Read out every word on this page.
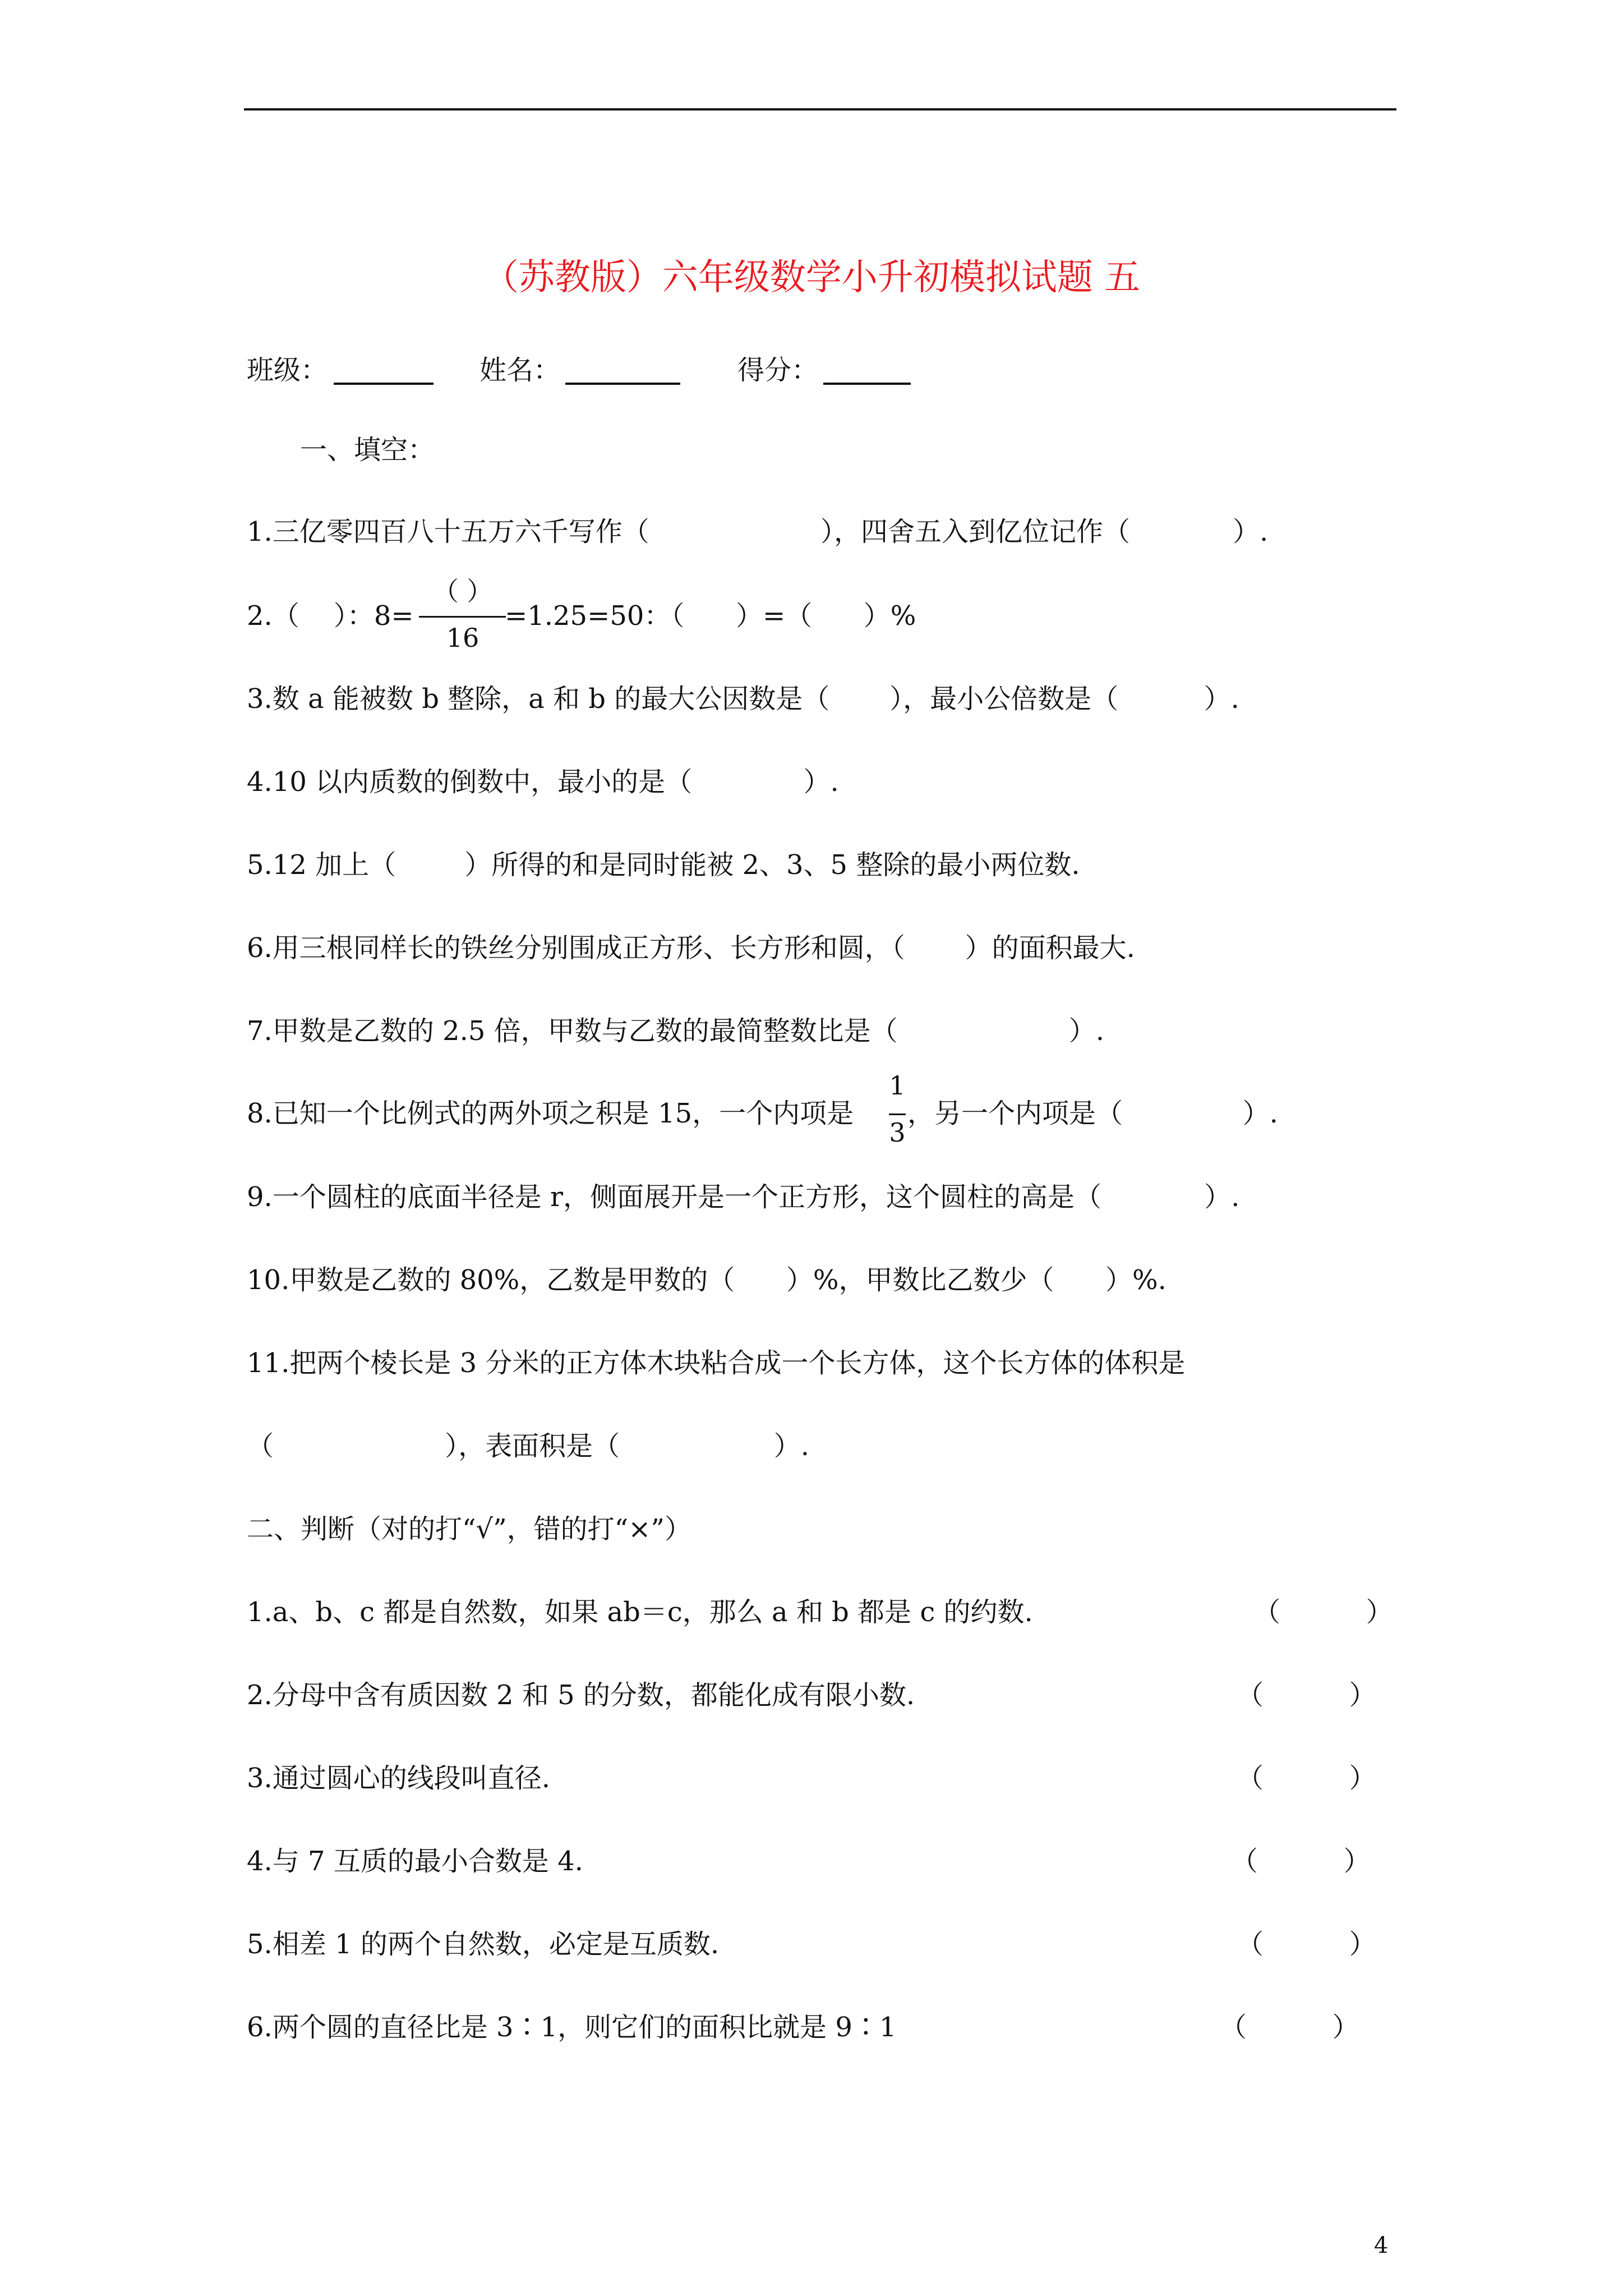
（苏教版）六年级数学小升初模拟试题 五
班级：	姓名：	得分：
一、填空：
1.三亿零四百八十五万六千写作（                    ），四舍五入到亿位记作（            ）.
2.（    ）：8=
（ ）
16
=1.25=50：（      ）=（      ）%
3.数 a 能被数 b 整除，a 和 b 的最大公因数是（       ），最小公倍数是（          ）.
4.10 以内质数的倒数中，最小的是（             ）.
5.12 加上（        ）所得的和是同时能被 2、3、5 整除的最小两位数.
6.用三根同样长的铁丝分别围成正方形、长方形和圆，（       ）的面积最大.
7.甲数是乙数的 2.5 倍，甲数与乙数的最简整数比是（                    ）.
8.已知一个比例式的两外项之积是 15，一个内项是
1
3
，另一个内项是（              ）.
9.一个圆柱的底面半径是 r，侧面展开是一个正方形，这个圆柱的高是（            ）.
10.甲数是乙数的 80%，乙数是甲数的（      ）%，甲数比乙数少（      ）%.
11.把两个棱长是 3 分米的正方体木块粘合成一个长方体，这个长方体的体积是
（                    ），表面积是（                  ）.
二、判断（对的打“√”，错的打“×”）
1.a、b、c 都是自然数，如果 ab＝c，那么 a 和 b 都是 c 的约数.	（          ）
2.分母中含有质因数 2 和 5 的分数，都能化成有限小数.	（          ）
3.通过圆心的线段叫直径.	（          ）
4.与 7 互质的最小合数是 4.	（          ）
5.相差 1 的两个自然数，必定是互质数.	（          ）
6.两个圆的直径比是 3∶1，则它们的面积比就是 9∶1	（          ）
4
